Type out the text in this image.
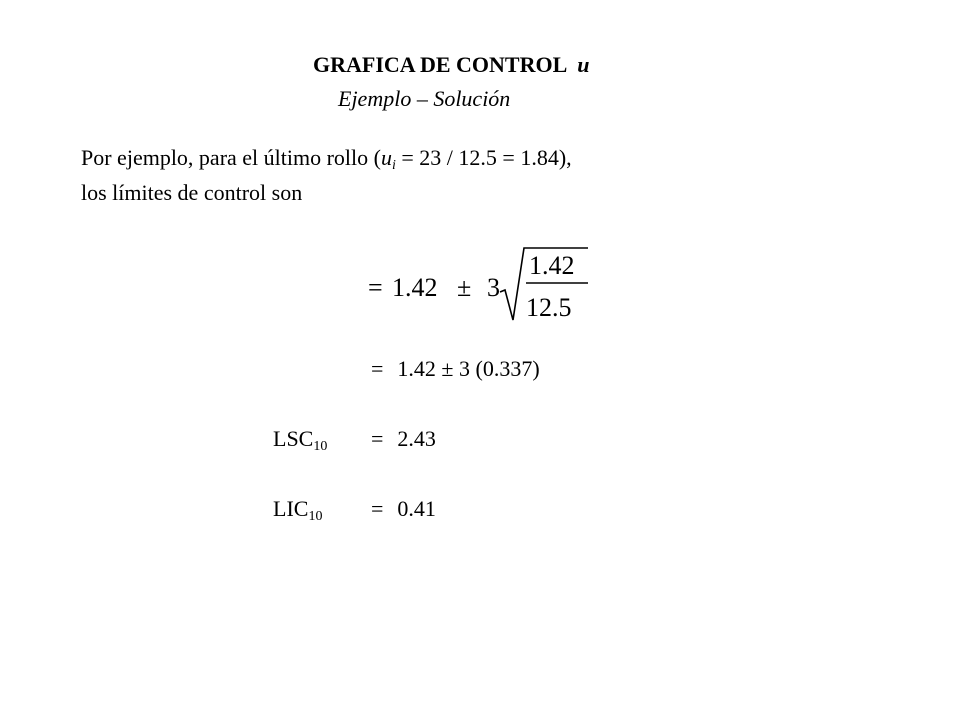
GRAFICA DE CONTROL u
Ejemplo – Solución
Por ejemplo, para el último rollo $(u_i = 23 / 12.5 = 1.84)$,
los límites de control son
= 1.42 ± 3
1.42
12.5
= 1.42 ± 3 (0.337)
$LSC_{10} = 2.43$
$LIC_{10} = 0.41$
